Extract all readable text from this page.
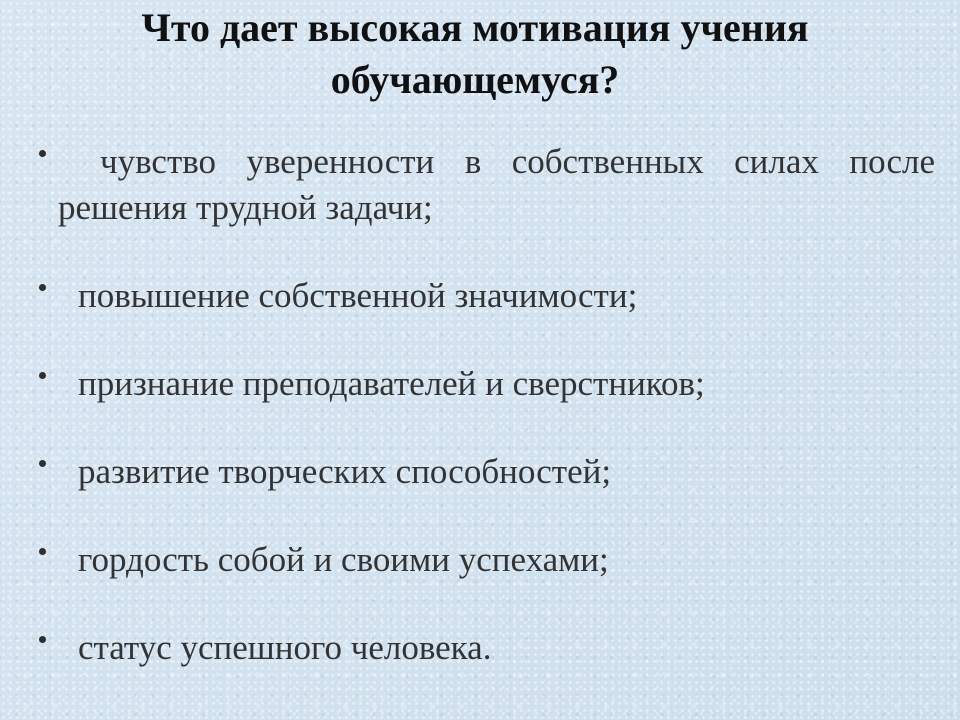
Что дает высокая мотивация учения
обучающемуся?
чувство уверенности в собственных силах после
решения трудной задачи;
повышение собственной значимости;
признание преподавателей и сверстников;
развитие творческих способностей;
гордость собой и своими успехами;
статус успешного человека.
